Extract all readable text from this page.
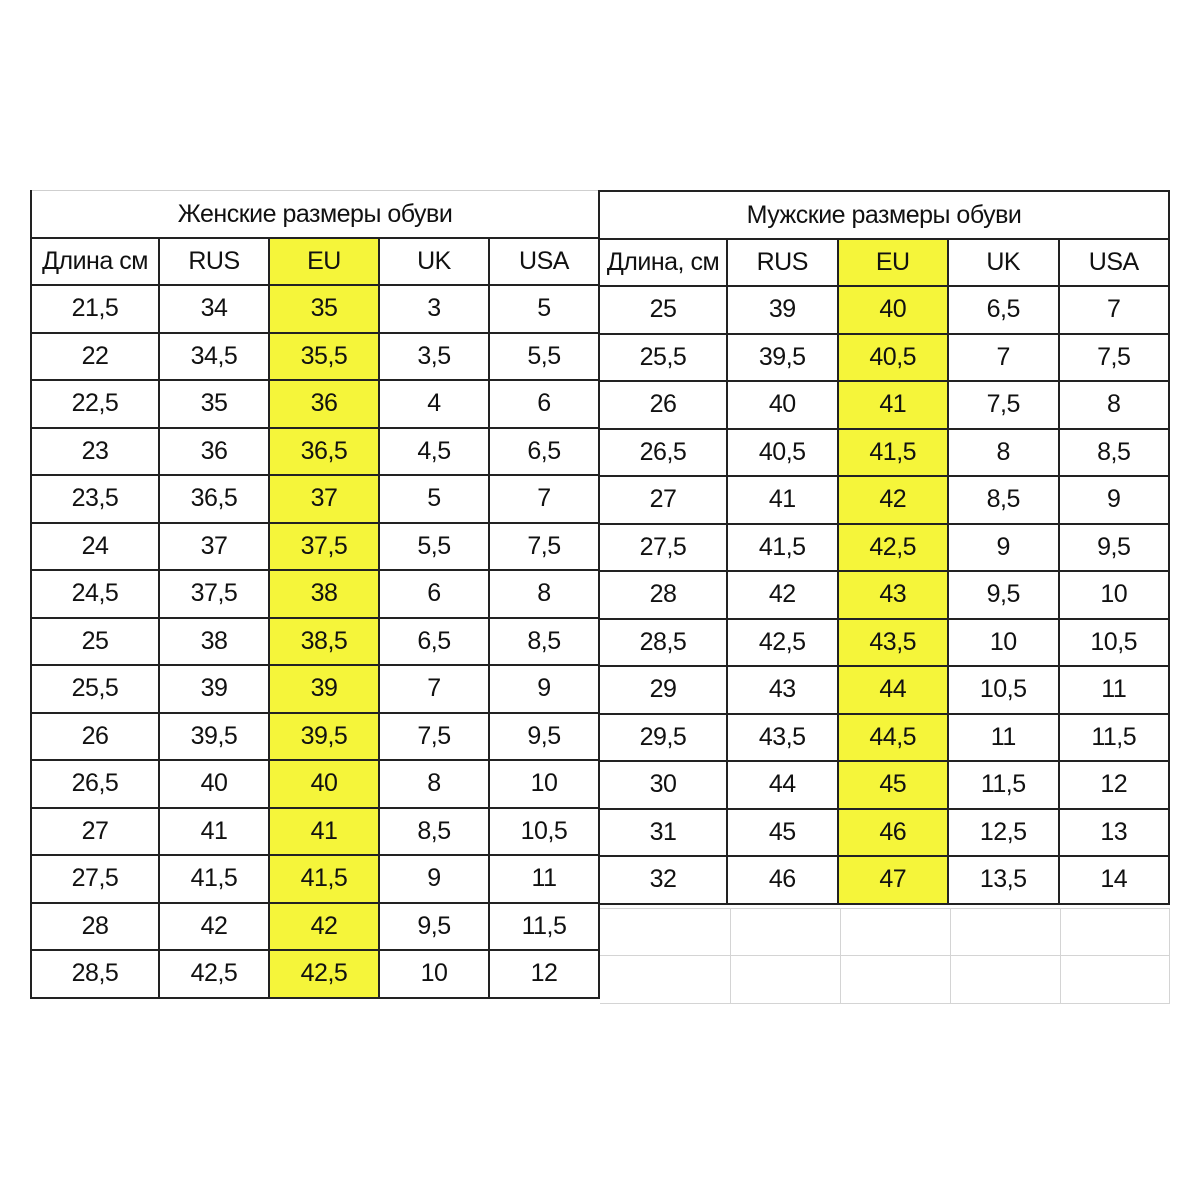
Женские размеры обуви				
Длина см	RUS	EU	UK	USA
21,5	34	35	3	5
22	34,5	35,5	3,5	5,5
22,5	35	36	4	6
23	36	36,5	4,5	6,5
23,5	36,5	37	5	7
24	37	37,5	5,5	7,5
24,5	37,5	38	6	8
25	38	38,5	6,5	8,5
25,5	39	39	7	9
26	39,5	39,5	7,5	9,5
26,5	40	40	8	10
27	41	41	8,5	10,5
27,5	41,5	41,5	9	11
28	42	42	9,5	11,5
28,5	42,5	42,5	10	12
Мужские размеры обуви				
Длина, см	RUS	EU	UK	USA
25	39	40	6,5	7
25,5	39,5	40,5	7	7,5
26	40	41	7,5	8
26,5	40,5	41,5	8	8,5
27	41	42	8,5	9
27,5	41,5	42,5	9	9,5
28	42	43	9,5	10
28,5	42,5	43,5	10	10,5
29	43	44	10,5	11
29,5	43,5	44,5	11	11,5
30	44	45	11,5	12
31	45	46	12,5	13
32	46	47	13,5	14
